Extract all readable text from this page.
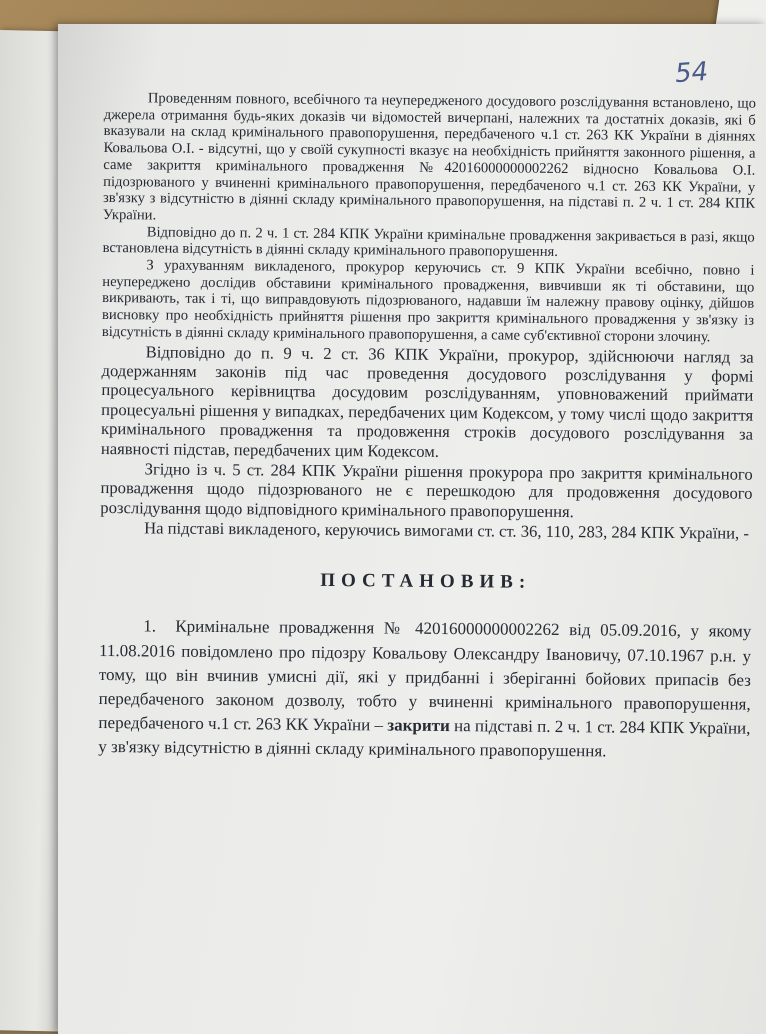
54

Проведенням повного, всебічного та неупередженого досудового розслідування встановлено, що джерела отримання будь-яких доказів чи відомостей вичерпані, належних та достатніх доказів, які б вказували на склад кримінального правопорушення, передбаченого ч.1 ст. 263 КК України в діяннях Ковальова О.І. - відсутні, що у своїй сукупності вказує на необхідність прийняття законного рішення, а саме закриття кримінального провадження №42016000000002262 відносно Ковальова О.І. підозрюваного у вчиненні кримінального правопорушення, передбаченого ч.1 ст. 263 КК України, у зв'язку з відсутністю в діянні складу кримінального правопорушення, на підставі п. 2 ч. 1 ст. 284 КПК України.

Відповідно до п. 2 ч. 1 ст. 284 КПК України кримінальне провадження закривається в разі, якщо встановлена відсутність в діянні складу кримінального правопорушення.

З урахуванням викладеного, прокурор керуючись ст. 9 КПК України всебічно, повно і неупереджено дослідив обставини кримінального провадження, вивчивши як ті обставини, що викривають, так і ті, що виправдовують підозрюваного, надавши їм належну правову оцінку, дійшов висновку про необхідність прийняття рішення про закриття кримінального провадження у зв'язку із відсутність в діянні складу кримінального правопорушення, а саме суб'єктивної сторони злочину.

Відповідно до п. 9 ч. 2 ст. 36 КПК України, прокурор, здійснюючи нагляд за додержанням законів під час проведення досудового розслідування у формі процесуального керівництва досудовим розслідуванням, уповноважений приймати процесуальні рішення у випадках, передбачених цим Кодексом, у тому числі щодо закриття кримінального провадження та продовження строків досудового розслідування за наявності підстав, передбачених цим Кодексом.

Згідно із ч. 5 ст. 284 КПК України рішення прокурора про закриття кримінального провадження щодо підозрюваного не є перешкодою для продовження досудового розслідування щодо відповідного кримінального правопорушення.

На підставі викладеного, керуючись вимогами ст. ст. 36, 110, 283, 284 КПК України, -

ПОСТАНОВИВ:

1. Кримінальне провадження № 42016000000002262 від 05.09.2016, у якому 11.08.2016 повідомлено про підозру Ковальову Олександру Івановичу, 07.10.1967 р.н. у тому, що він вчинив умисні дії, які у придбанні і зберіганні бойових припасів без передбаченого законом дозволу, тобто у вчиненні кримінального правопорушення, передбаченого ч.1 ст. 263 КК України – закрити на підставі п. 2 ч. 1 ст. 284 КПК України, у зв'язку відсутністю в діянні складу кримінального правопорушення.
